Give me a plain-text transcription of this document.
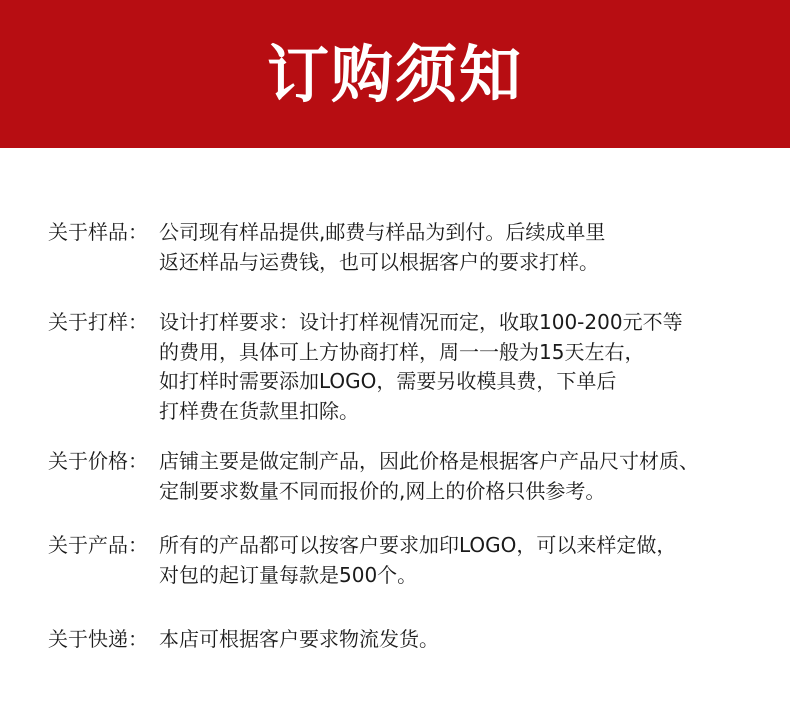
订购须知
关于样品： 公司现有样品提供,邮费与样品为到付。后续成单里
返还样品与运费钱，也可以根据客户的要求打样。
关于打样： 设计打样要求：设计打样视情况而定，收取100-200元不等
的费用，具体可上方协商打样，周一一般为15天左右，
如打样时需要添加LOGO，需要另收模具费，下单后
打样费在货款里扣除。
关于价格： 店铺主要是做定制产品，因此价格是根据客户产品尺寸材质、
定制要求数量不同而报价的,网上的价格只供参考。
关于产品： 所有的产品都可以按客户要求加印LOGO，可以来样定做，
对包的起订量每款是500个。
关于快递： 本店可根据客户要求物流发货。
